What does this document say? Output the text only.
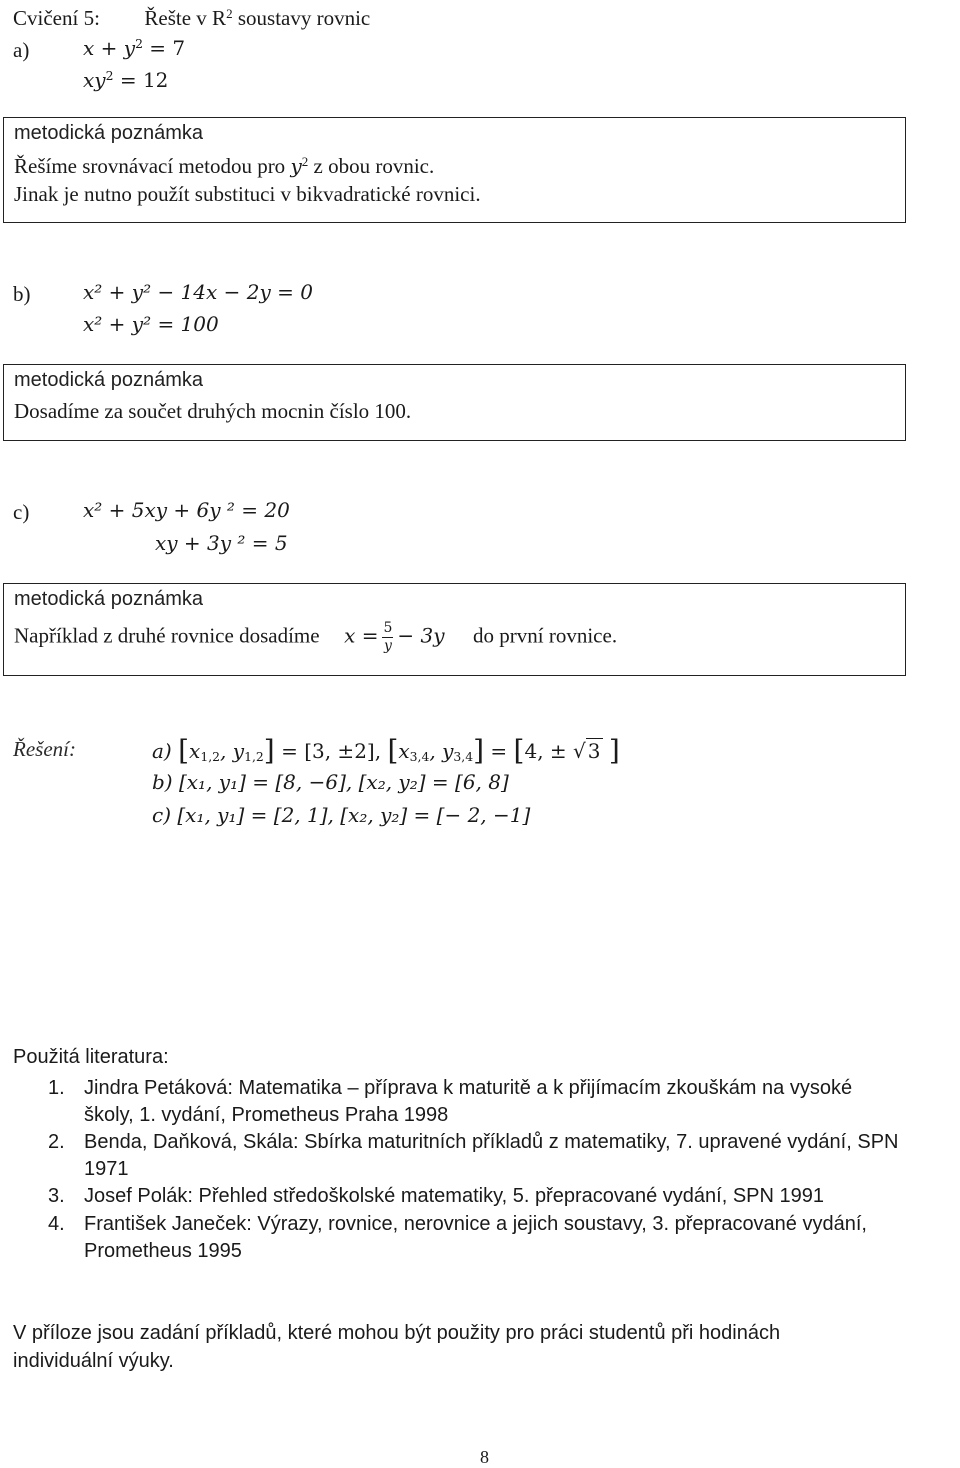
Cvičení 5: Řešte v $R^2$ soustavy rovnic
a)	$x + y^2 = 7$
$xy^2 = 12$
metodická poznámka
Řešíme srovnávací metodou pro $y^2$ z obou rovnic.
Jinak je nutno použít substituci v bikvadratické rovnici.
b)	x² + y² − 14x − 2y = 0
x² + y² = 100
metodická poznámka
Dosadíme za součet druhých mocnin číslo 100.
c)	x² + 5xy + 6y ² = 20
xy + 3y ² = 5
metodická poznámka
Například z druhé rovnice dosadíme $x = \frac{5}{y} - 3y$ do první rovnice.
Řešení:	a) [$x_{1,2}$, $y_{1,2}] = [3$, ±2], [$x_{3,4}$, $y_{3,4}] = [4$, ± √ 3 ]
b) [x₁, y₁] = [8, −6], [x₂, y₂] = [6, 8]
c) [x₁, y₁] = [2, 1], [x₂, y₂] = [− 2, −1]
Použitá literatura:
1. Jindra Petáková: Matematika – příprava k maturitě a k přijímacím zkouškám na vysoké
školy, 1. vydání, Prometheus Praha 1998
2. Benda, Daňková, Skála: Sbírka maturitních příkladů z matematiky, 7. upravené vydání, SPN
1971
3. Josef Polák: Přehled středoškolské matematiky, 5. přepracované vydání, SPN 1991
4. František Janeček: Výrazy, rovnice, nerovnice a jejich soustavy, 3. přepracované vydání,
Prometheus 1995
V příloze jsou zadání příkladů, které mohou být použity pro práci studentů při hodinách
individuální výuky.
8
